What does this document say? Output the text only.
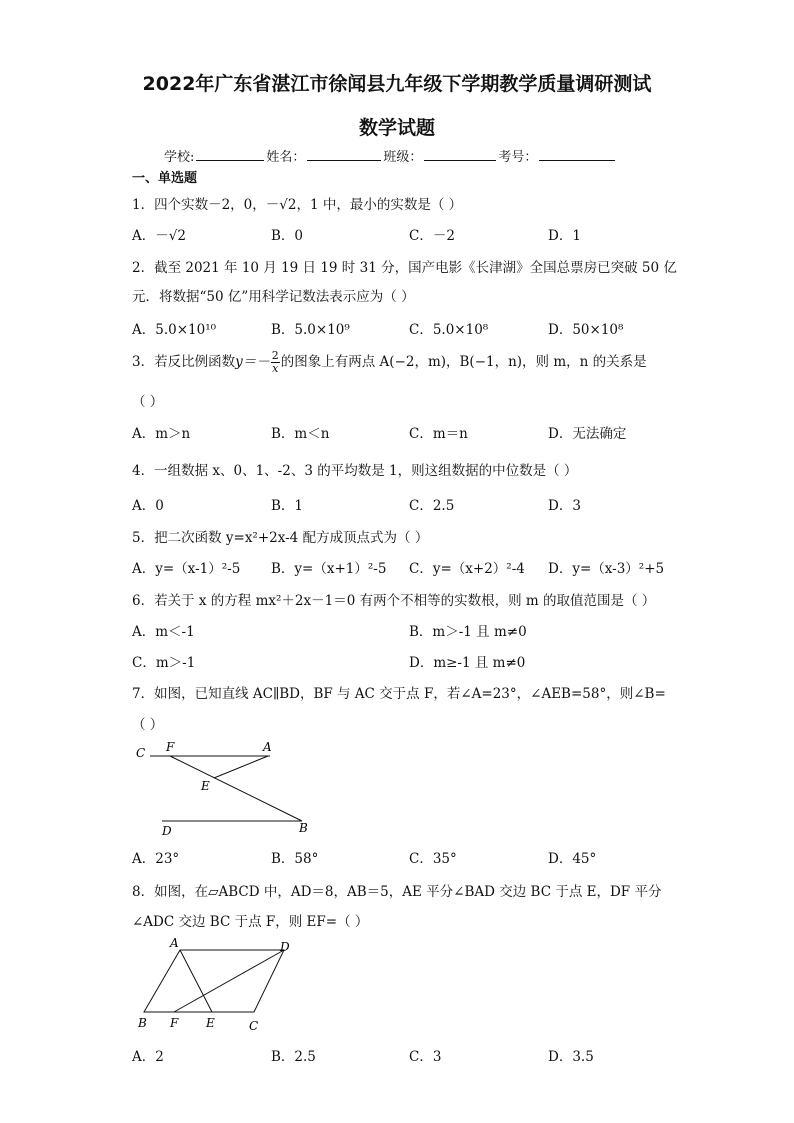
2022年广东省湛江市徐闻县九年级下学期教学质量调研测试
数学试题
学校:	姓名：	班级：	考号：
一、单选题
1．四个实数－2，0，－√2，1 中，最小的实数是（ ）
A．－√2	B．0	C．－2	D．1
2．截至 2021 年 10 月 19 日 19 时 31 分，国产电影《长津湖》全国总票房已突破 50 亿
元．将数据“50 亿”用科学记数法表示应为（ ）
A．5.0×10¹⁰	B．5.0×10⁹	C．5.0×10⁸	D．50×10⁸
3．若反比例函数$y=- \frac{2}{x}$ 的图象上有两点 A(−2，m)，B(−1，n)，则 m，n 的关系是
（ ）
A．m＞n	B．m＜n	C．m＝n	D．无法确定
4．一组数据 x、0、1、-2、3 的平均数是 1，则这组数据的中位数是（ ）
A．0	B．1	C．2.5	D．3
5．把二次函数 y=x²+2x-4 配方成顶点式为（ ）
A．y=（x-1）²-5 B．y=（x+1）²-5 C．y=（x+2）²-4 D．y=（x-3）²+5
6．若关于 x 的方程 mx²＋2x－1＝0 有两个不相等的实数根，则 m 的取值范围是（ ）
A．m＜-1	B．m＞-1 且 m≠0
C．m＞-1	D．m≥-1 且 m≠0
7．如图，已知直线 AC∥BD，BF 与 AC 交于点 F，若∠A=23°，∠AEB=58°，则∠B=
（ ）
C F	A
E
D	B
A．23°	B．58°	C．35°	D．45°
8．如图，在▱ABCD 中，AD＝8，AB＝5，AE 平分∠BAD 交边 BC 于点 E，DF 平分
∠ADC 交边 BC 于点 F，则 EF=（ ）
A	D
B F E	C
A．2	B．2.5	C．3	D．3.5
